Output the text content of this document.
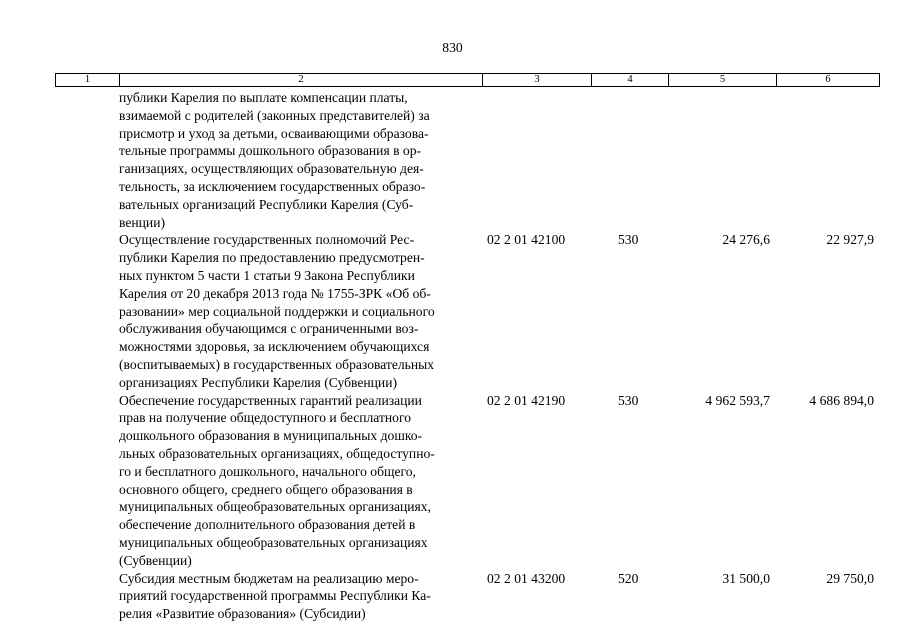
830
1	2	3	4	5	6
публики Карелия по выплате компенсации платы,
взимаемой с родителей (законных представителей) за
присмотр и уход за детьми, осваивающими образова-
тельные программы дошкольного образования в ор-
ганизациях, осуществляющих образовательную дея-
тельность, за исключением государственных образо-
вательных организаций Республики Карелия (Суб-
венции)
Осуществление государственных полномочий Рес-
публики Карелия по предоставлению предусмотрен-
ных пунктом 5 части 1 статьи 9 Закона Республики
Карелия от 20 декабря 2013 года № 1755-ЗРК «Об об-
разовании» мер социальной поддержки и социального
обслуживания обучающимся с ограниченными воз-
можностями здоровья, за исключением обучающихся
(воспитываемых) в государственных образовательных
организациях Республики Карелия (Субвенции)
02 2 01 42100	530	24 276,6	22 927,9
Обеспечение государственных гарантий реализации
прав на получение общедоступного и бесплатного
дошкольного образования в муниципальных дошко-
льных образовательных организациях, общедоступно-
го и бесплатного дошкольного, начального общего,
основного общего, среднего общего образования в
муниципальных общеобразовательных организациях,
обеспечение дополнительного образования детей в
муниципальных общеобразовательных организациях
(Субвенции)
02 2 01 42190	530	4 962 593,7	4 686 894,0
Субсидия местным бюджетам на реализацию меро-
приятий государственной программы Республики Ка-
релия «Развитие образования» (Субсидии)
02 2 01 43200	520	31 500,0	29 750,0
